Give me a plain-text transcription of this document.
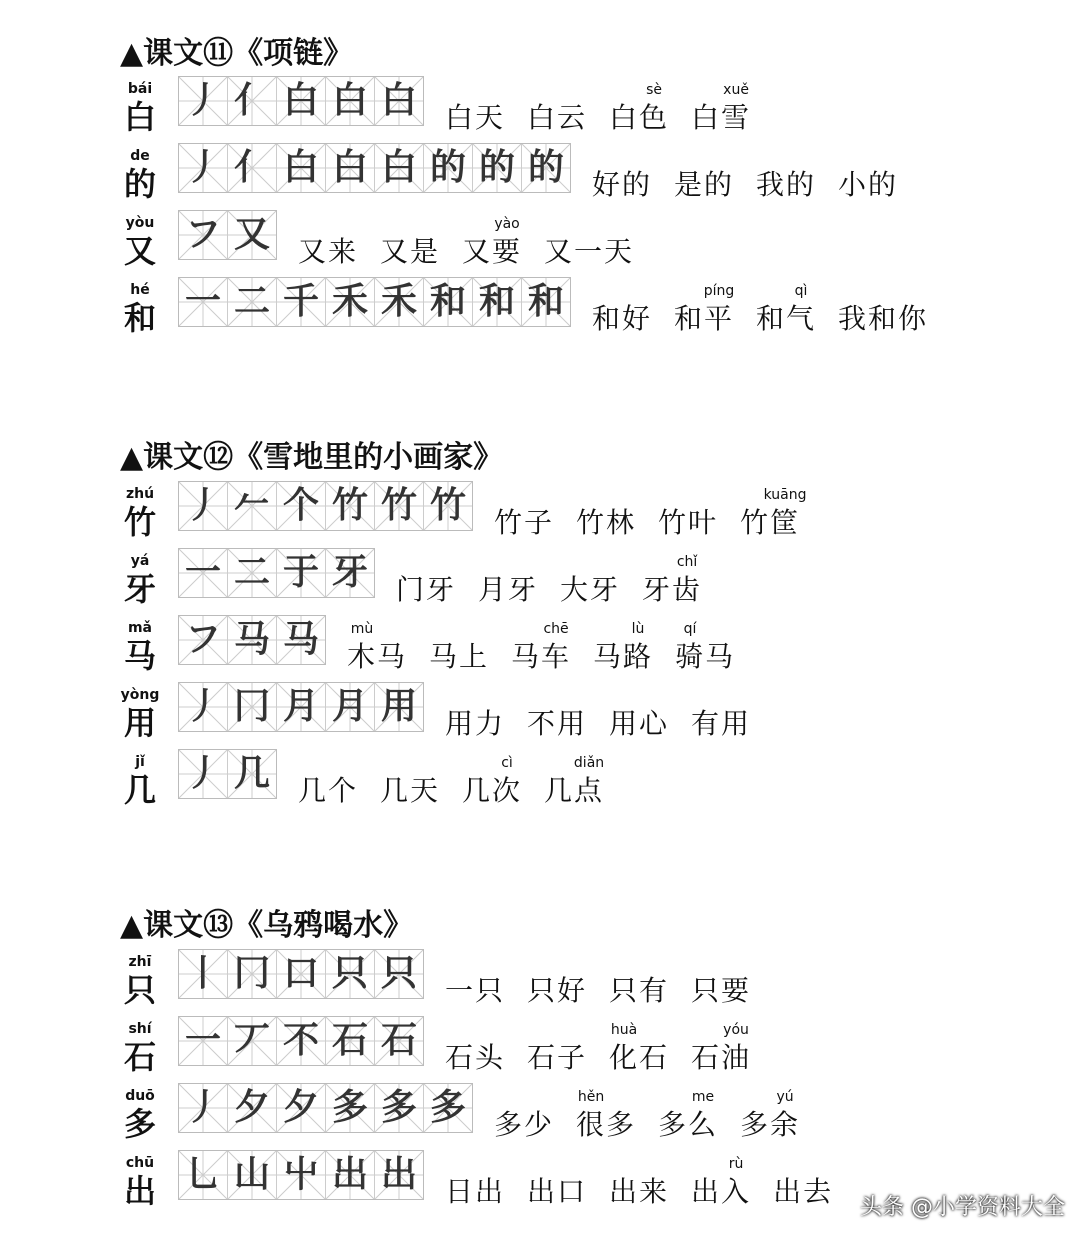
▲课文⑪《项链》
bái
白 丿 亻 白 白 白 白天 白云 白色
sè
白雪
xuě
de
的 丿 亻 白 白 白 的 的 的 好的 是的 我的 小的
yòu
又 フ 又 又来 又是 又要
yào
又一天
hé
和 一 二 千 禾 禾 和 和 和 和好 和平
píng
和气
qì
我和你
▲课文⑫《雪地里的小画家》
zhú
竹 丿 𠂉 个 竹 竹 竹 竹子 竹林 竹叶 竹筐
kuāng
yá
牙 一 二 于 牙 门牙 月牙 大牙 牙齿
chǐ
mǎ
马 フ 马 马 木马
mù
马上 马车
chē
马路
lù
骑马
qí
yòng
用 丿 冂 月 月 用 用力 不用 用心 有用
jǐ
几 丿 几 几个 几天 几次
cì
几点
diǎn
▲课文⑬《乌鸦喝水》
zhī
只 丨 冂 口 只 只 一只 只好 只有 只要
shí
石 一 丆 不 石 石 石头 石子 化石
huà
石油
yóu
duō
多 丿 夕 夕 多 多 多 多少 很多
hěn
多么
me
多余
yú
chū
出 乚 山 屮 出 出 日出 出口 出来 出入
rù
出去 头条 @小学资料大全
